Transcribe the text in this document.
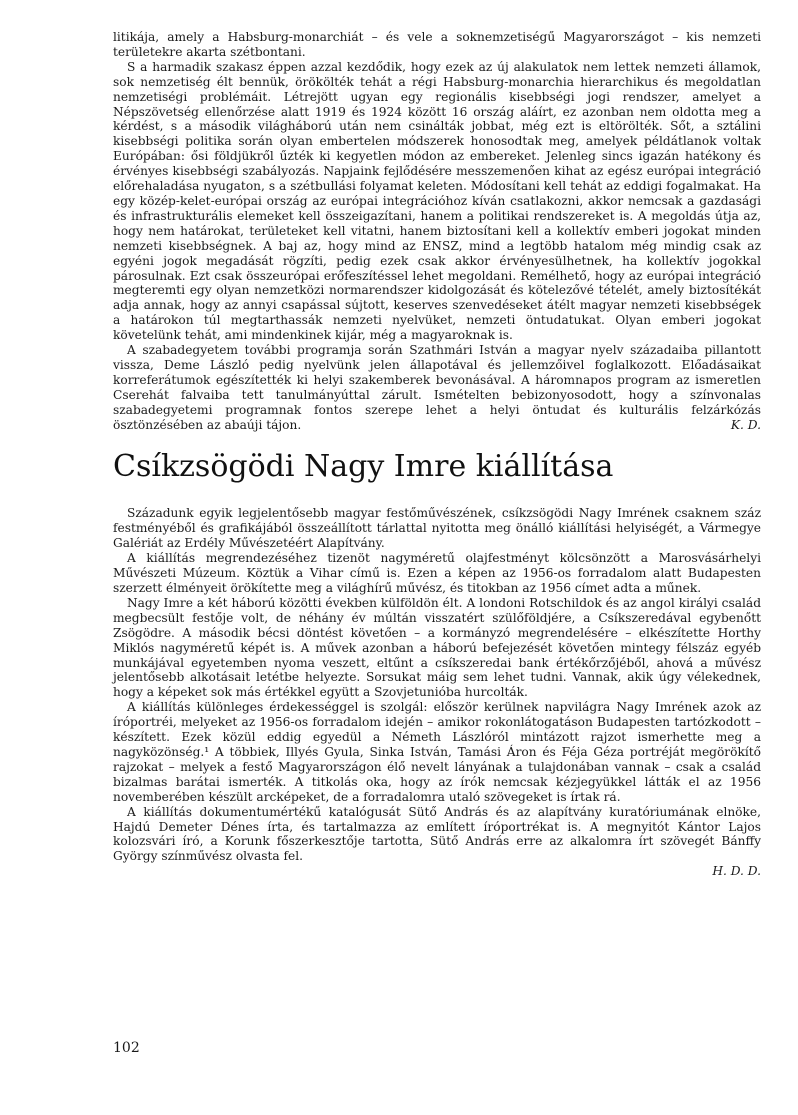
litikája, amely a Habsburg-monarchiát – és vele a soknemzetiségű Magyarországot – kis nemzeti területekre akarta szétbontani.

S a harmadik szakasz éppen azzal kezdődik, hogy ezek az új alakulatok nem lettek nemzeti államok, sok nemzetiség élt bennük, örökölték tehát a régi Habsburg-monarchia hierarchikus és megoldatlan nemzetiségi problémáit. Létrejött ugyan egy regionális kisebbségi jogi rendszer, amelyet a Népszövetség ellenőrzése alatt 1919 és 1924 között 16 ország aláírt, ez azonban nem oldotta meg a kérdést, s a második világháború után nem csinálták jobbat, még ezt is eltörölték. Sőt, a sztálini kisebbségi politika során olyan embertelen módszerek honosodtak meg, amelyek példátlanok voltak Európában: ősi földjükről űzték ki kegyetlen módon az embereket. Jelenleg sincs igazán hatékony és érvényes kisebbségi szabályozás. Napjaink fejlődésére messzemenően kihat az egész európai integráció előrehaladása nyugaton, s a szétbullási folyamat keleten. Módosítani kell tehát az eddigi fogalmakat. Ha egy közép-kelet-európai ország az európai integrációhoz kíván csatlakozni, akkor nemcsak a gazdasági és infrastrukturális elemeket kell összeigazítani, hanem a politikai rendszereket is. A megoldás útja az, hogy nem határokat, területeket kell vitatni, hanem biztosítani kell a kollektív emberi jogokat minden nemzeti kisebbségnek. A baj az, hogy mind az ENSZ, mind a legtöbb hatalom még mindig csak az egyéni jogok megadását rögzíti, pedig ezek csak akkor érvényesülhetnek, ha kollektív jogokkal párosulnak. Ezt csak összeurópai erőfeszítéssel lehet megoldani. Remélhető, hogy az európai integráció megteremti egy olyan nemzetközi normarendszer kidolgozását és kötelezővé tételét, amely biztosítékát adja annak, hogy az annyi csapással sújtott, keserves szenvedéseket átélt magyar nemzeti kisebbségek a határokon túl megtarthassák nemzeti nyelvüket, nemzeti öntudatukat. Olyan emberi jogokat követelünk tehát, ami mindenkinek kijár, még a magyaroknak is.

A szabadegyetem további programja során Szathmári István a magyar nyelv századaiba pillantott vissza, Deme László pedig nyelvünk jelen állapotával és jellemzőivel foglalkozott. Előadásaikat korreferátumok egészítették ki helyi szakemberek bevonásával. A háromnapos program az ismeretlen Cserehát falvaiba tett tanulmányúttal zárult. Ismételten bebizonyosodott, hogy a színvonalas szabadegyetemi programnak fontos szerepe lehet a helyi öntudat és kulturális felzárkózás ösztönzésében az abaúji tájon.	K. D.

Csíkzsögödi Nagy Imre kiállítása

Századunk egyik legjelentősebb magyar festőművészének, csíkzsögödi Nagy Imrének csaknem száz festményéből és grafikájából összeállított tárlattal nyitotta meg önálló kiállítási helyiségét, a Vármegye Galériát az Erdély Művészetéért Alapítvány.

A kiállítás megrendezéséhez tizenöt nagyméretű olajfestményt kölcsönzött a Marosvásárhelyi Művészeti Múzeum. Köztük a Vihar című is. Ezen a képen az 1956-os forradalom alatt Budapesten szerzett élményeit örökítette meg a világhírű művész, és titokban az 1956 címet adta a műnek.

Nagy Imre a két háború közötti években külföldön élt. A londoni Rotschildok és az angol királyi család megbecsült festője volt, de néhány év múltán visszatért szülőföldjére, a Csíkszeredával egybenőtt Zsögödre. A második bécsi döntést követően – a kormányzó megrendelésére – elkészítette Horthy Miklós nagyméretű képét is. A művek azonban a háború befejezését követően mintegy félszáz egyéb munkájával egyetemben nyoma veszett, eltűnt a csíkszeredai bank értékőrzőjéből, ahová a művész jelentősebb alkotásait letétbe helyezte. Sorsukat máig sem lehet tudni. Vannak, akik úgy vélekednek, hogy a képeket sok más értékkel együtt a Szovjetunióba hurcolták.

A kiállítás különleges érdekességgel is szolgál: először kerülnek napvilágra Nagy Imrének azok az íróportréi, melyeket az 1956-os forradalom idején – amikor rokonlátogatáson Budapesten tartózkodott – készített. Ezek közül eddig egyedül a Németh Lászlóról mintázott rajzot ismerhette meg a nagyközönség.¹ A többiek, Illyés Gyula, Sinka István, Tamási Áron és Féja Géza portréját megörökítő rajzokat – melyek a festő Magyarországon élő nevelt lányának a tulajdonában vannak – csak a család bizalmas barátai ismerték. A titkolás oka, hogy az írók nemcsak kézjegyükkel látták el az 1956 novemberében készült arcképeket, de a forradalomra utaló szövegeket is írtak rá.

A kiállítás dokumentumértékű katalógusát Sütő András és az alapítvány kuratóriumának elnöke, Hajdú Demeter Dénes írta, és tartalmazza az említett íróportrékat is. A megnyitót Kántor Lajos kolozsvári író, a Korunk főszerkesztője tartotta, Sütő András erre az alkalomra írt szövegét Bánffy György színművész olvasta fel.

H. D. D.
102
